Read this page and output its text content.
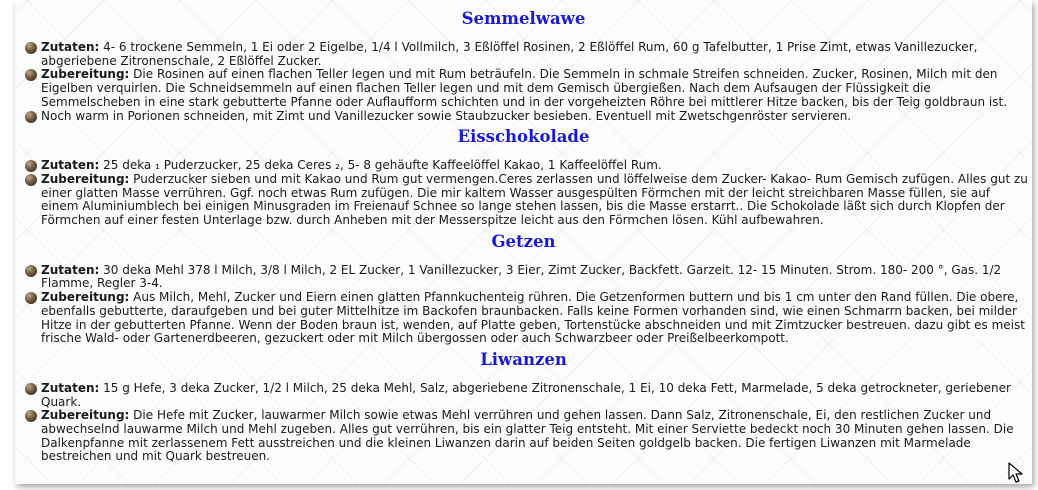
Semmelwawe
Zutaten: 4- 6 trockene Semmeln, 1 Ei oder 2 Eigelbe, 1/4 l Vollmilch, 3 Eßlöffel Rosinen, 2 Eßlöffel Rum, 60 g Tafelbutter, 1 Prise Zimt, etwas Vanillezucker, abgeriebene Zitronenschale, 2 Eßlöffel Zucker.
Zubereitung: Die Rosinen auf einen flachen Teller legen und mit Rum beträufeln. Die Semmeln in schmale Streifen schneiden. Zucker, Rosinen, Milch mit den Eigelben verquirlen. Die Schneidsemmeln auf einen flachen Teller legen und mit dem Gemisch übergießen. Nach dem Aufsaugen der Flüssigkeit die Semmelscheben in eine stark gebutterte Pfanne oder Auflaufform schichten und in der vorgeheizten Röhre bei mittlerer Hitze backen, bis der Teig goldbraun ist.
Noch warm in Porionen schneiden, mit Zimt und Vanillezucker sowie Staubzucker besieben. Eventuell mit Zwetschgenröster servieren.
Eisschokolade
Zutaten: 25 deka ₁ Puderzucker, 25 deka Ceres ₂, 5- 8 gehäufte Kaffeelöffel Kakao, 1 Kaffeelöffel Rum.
Zubereitung: Puderzucker sieben und mit Kakao und Rum gut vermengen.Ceres zerlassen und löffelweise dem Zucker- Kakao- Rum Gemisch zufügen. Alles gut zu einer glatten Masse verrühren. Ggf. noch etwas Rum zufügen. Die mir kaltem Wasser ausgespülten Förmchen mit der leicht streichbaren Masse füllen, sie auf einem Aluminiumblech bei einigen Minusgraden im Freienauf Schnee so lange stehen lassen, bis die Masse erstarrt.. Die Schokolade läßt sich durch Klopfen der Förmchen auf einer festen Unterlage bzw. durch Anheben mit der Messerspitze leicht aus den Förmchen lösen. Kühl aufbewahren.
Getzen
Zutaten: 30 deka Mehl 378 l Milch, 3/8 l Milch, 2 EL Zucker, 1 Vanillezucker, 3 Eier, Zimt Zucker, Backfett. Garzeit. 12- 15 Minuten. Strom. 180- 200 °, Gas. 1/2 Flamme, Regler 3-4.
Zubereitung: Aus Milch, Mehl, Zucker und Eiern einen glatten Pfannkuchenteig rühren. Die Getzenformen buttern und bis 1 cm unter den Rand füllen. Die obere, ebenfalls gebutterte, daraufgeben und bei guter Mittelhitze im Backofen braunbacken. Falls keine Formen vorhanden sind, wie einen Schmarrn backen, bei milder Hitze in der gebutterten Pfanne. Wenn der Boden braun ist, wenden, auf Platte geben, Tortenstücke abschneiden und mit Zimtzucker bestreuen. dazu gibt es meist frische Wald- oder Gartenerdbeeren, gezuckert oder mit Milch übergossen oder auch Schwarzbeer oder Preißelbeerkompott.
Liwanzen
Zutaten: 15 g Hefe, 3 deka Zucker, 1/2 l Milch, 25 deka Mehl, Salz, abgeriebene Zitronenschale, 1 Ei, 10 deka Fett, Marmelade, 5 deka getrockneter, geriebener Quark.
Zubereitung: Die Hefe mit Zucker, lauwarmer Milch sowie etwas Mehl verrühren und gehen lassen. Dann Salz, Zitronenschale, Ei, den restlichen Zucker und abwechselnd lauwarme Milch und Mehl zugeben. Alles gut verrühren, bis ein glatter Teig entsteht. Mit einer Serviette bedeckt noch 30 Minuten gehen lassen. Die Dalkenpfanne mit zerlassenem Fett ausstreichen und die kleinen Liwanzen darin auf beiden Seiten goldgelb backen. Die fertigen Liwanzen mit Marmelade bestreichen und mit Quark bestreuen.
